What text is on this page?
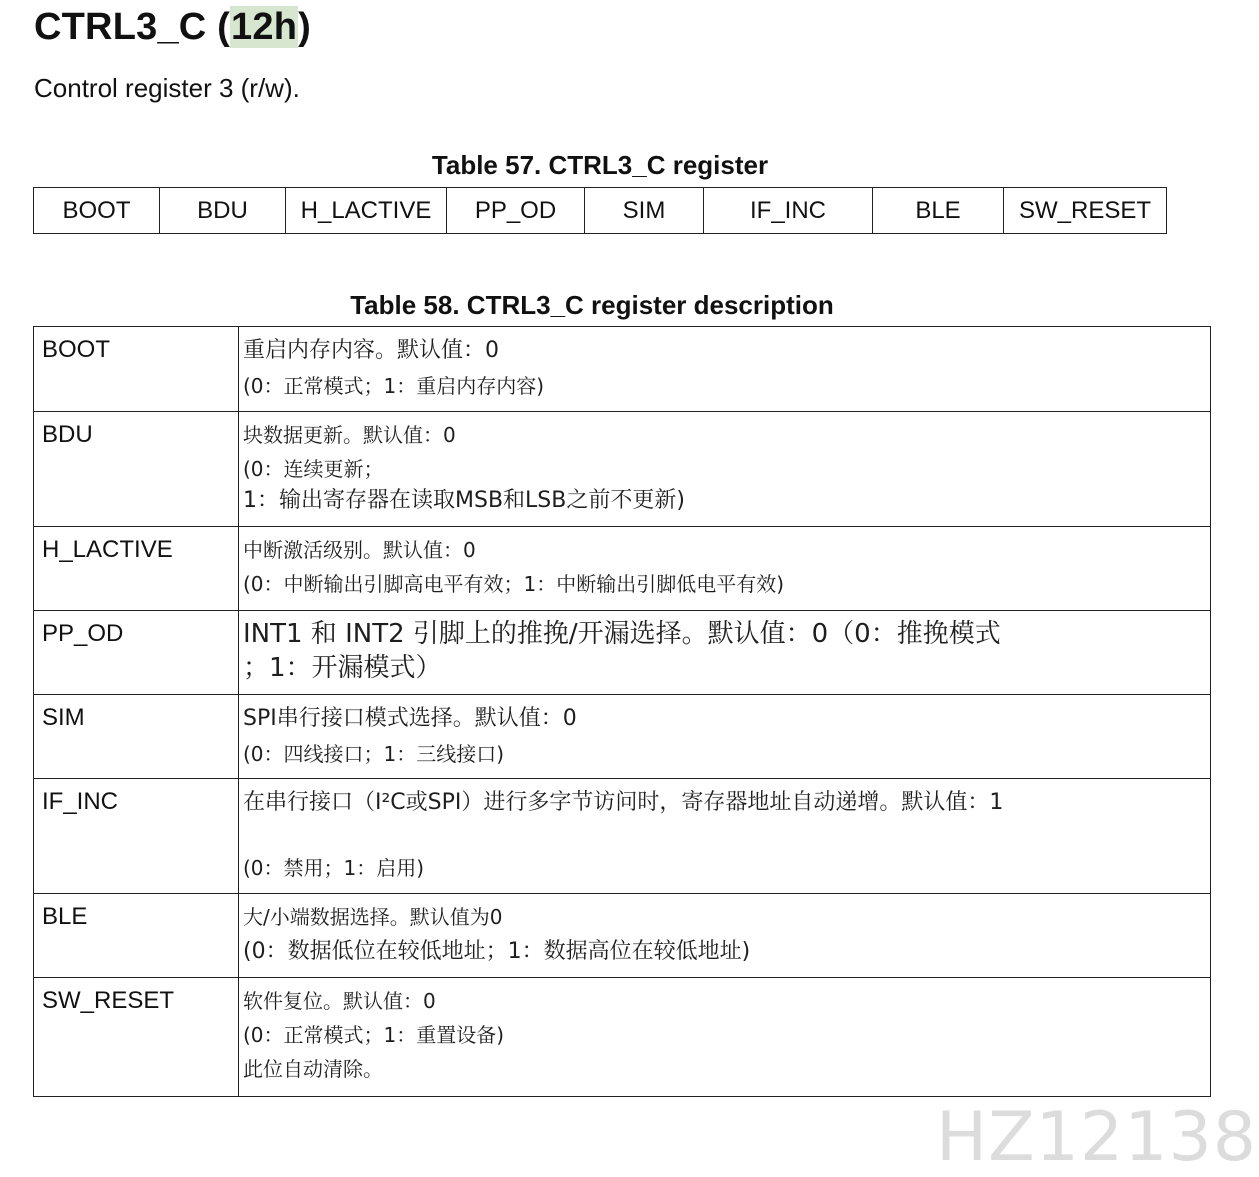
CTRL3_C (12h)
Control register 3 (r/w).
Table 57. CTRL3_C register
BOOT	BDU	H_LACTIVE	PP_OD	SIM	IF_INC	BLE	SW_RESET
Table 58. CTRL3_C register description
BOOT	重启内存内容。默认值：0
(0：正常模式；1：重启内存内容)

BDU	块数据更新。默认值：0
(0：连续更新；
1：输出寄存器在读取MSB和LSB之前不更新)

H_LACTIVE	中断激活级别。默认值：0
(0：中断输出引脚高电平有效；1：中断输出引脚低电平有效)

PP_OD	INT1 和 INT2 引脚上的推挽/开漏选择。默认值：0（0：推挽模式
；1：开漏模式）

SIM	SPI串行接口模式选择。默认值：0
(0：四线接口；1：三线接口)

IF_INC	在串行接口（I²C或SPI）进行多字节访问时，寄存器地址自动递增。默认值：1
(0：禁用；1：启用)

BLE	大/小端数据选择。默认值为0
(0：数据低位在较低地址；1：数据高位在较低地址)

SW_RESET	软件复位。默认值：0
(0：正常模式；1：重置设备)
此位自动清除。
HZ12138
